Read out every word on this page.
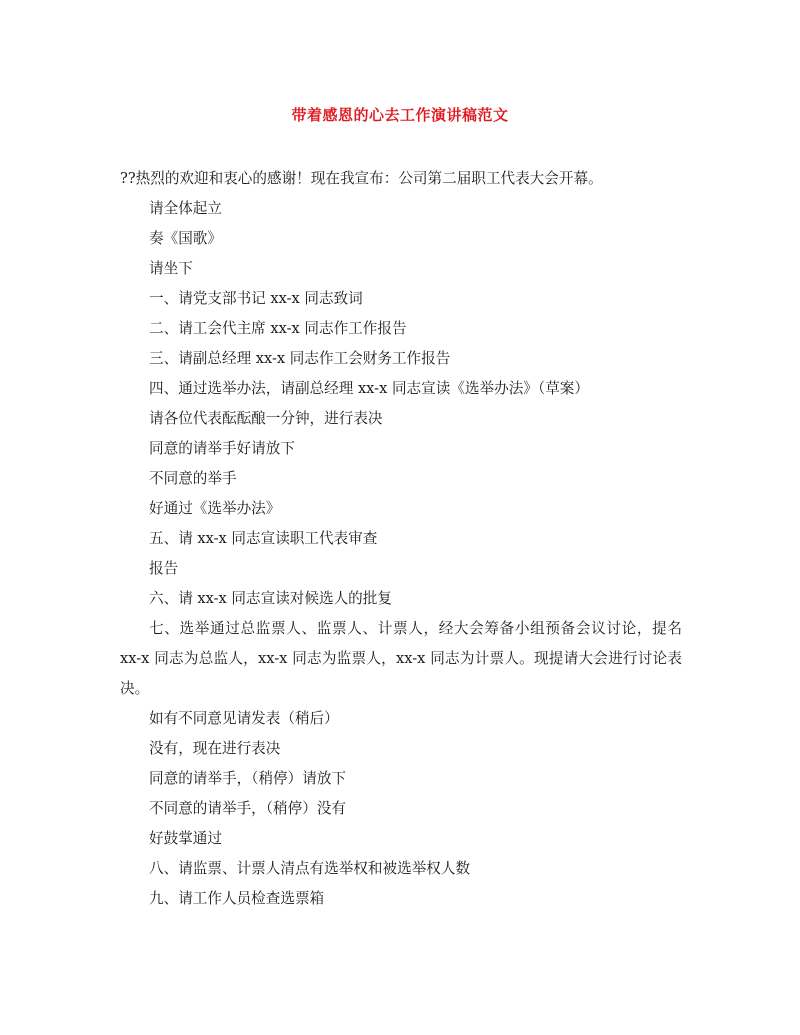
带着感恩的心去工作演讲稿范文

??热烈的欢迎和衷心的感谢！现在我宣布：公司第二届职工代表大会开幕。

请全体起立

奏《国歌》

请坐下

一、请党支部书记 xx-x 同志致词

二、请工会代主席 xx-x 同志作工作报告

三、请副总经理 xx-x 同志作工会财务工作报告

四、通过选举办法，请副总经理 xx-x 同志宣读《选举办法》（草案）

请各位代表酝酝酿一分钟，进行表决

同意的请举手好请放下

不同意的举手

好通过《选举办法》

五、请 xx-x 同志宣读职工代表审查

报告

六、请 xx-x 同志宣读对候选人的批复

七、选举通过总监票人、监票人、计票人，经大会筹备小组预备会议讨论，提名 xx-x 同志为总监人，xx-x 同志为监票人，xx-x 同志为计票人。现提请大会进行讨论表决。

如有不同意见请发表（稍后）

没有，现在进行表决

同意的请举手，（稍停）请放下

不同意的请举手，（稍停）没有

好鼓掌通过

八、请监票、计票人清点有选举权和被选举权人数

九、请工作人员检查选票箱
